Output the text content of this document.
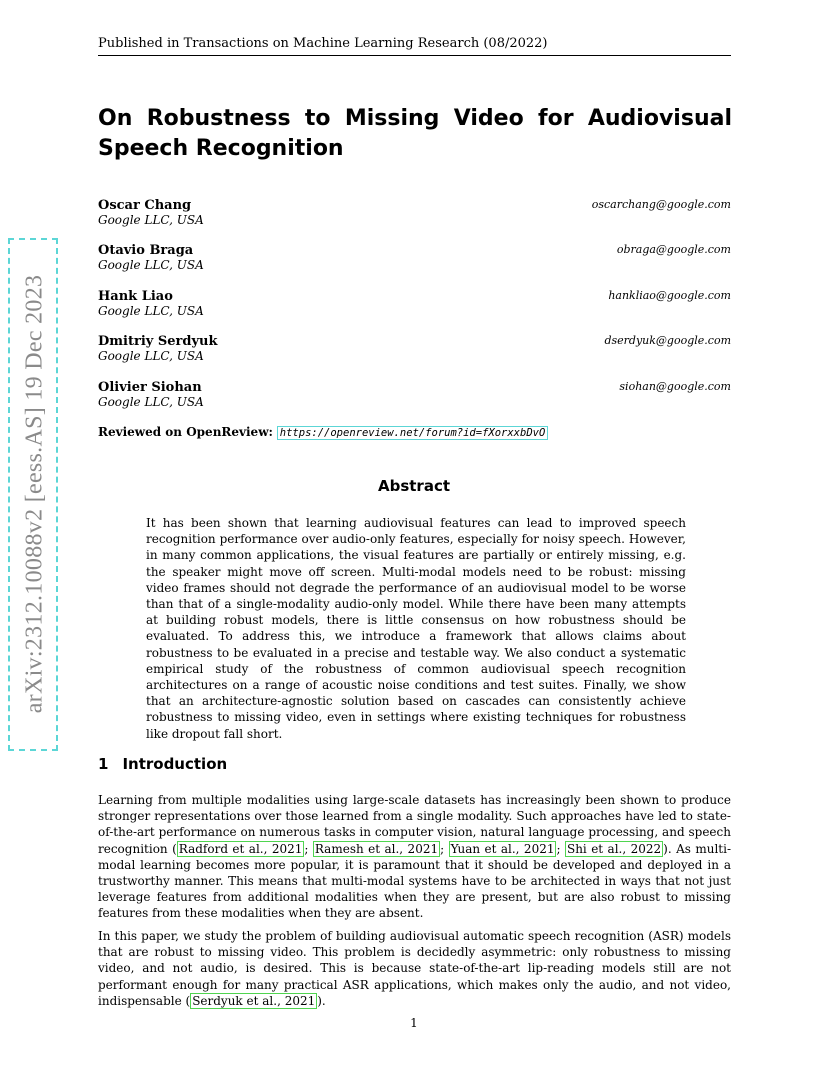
Published in Transactions on Machine Learning Research (08/2022)
arXiv:2312.10088v2 [eess.AS] 19 Dec 2023
On Robustness to Missing Video for Audiovisual Speech Recognition
Oscar Chang
Google LLC, USA
oscarchang@google.com
Otavio Braga
Google LLC, USA
obraga@google.com
Hank Liao
Google LLC, USA
hankliao@google.com
Dmitriy Serdyuk
Google LLC, USA
dserdyuk@google.com
Olivier Siohan
Google LLC, USA
siohan@google.com
Reviewed on OpenReview: https://openreview.net/forum?id=fXorxxbDvO
Abstract
It has been shown that learning audiovisual features can lead to improved speech recognition performance over audio-only features, especially for noisy speech. However, in many common applications, the visual features are partially or entirely missing, e.g. the speaker might move off screen. Multi-modal models need to be robust: missing video frames should not degrade the performance of an audiovisual model to be worse than that of a single-modality audio-only model. While there have been many attempts at building robust models, there is little consensus on how robustness should be evaluated. To address this, we introduce a framework that allows claims about robustness to be evaluated in a precise and testable way. We also conduct a systematic empirical study of the robustness of common audiovisual speech recognition architectures on a range of acoustic noise conditions and test suites. Finally, we show that an architecture-agnostic solution based on cascades can consistently achieve robustness to missing video, even in settings where existing techniques for robustness like dropout fall short.
1 Introduction
Learning from multiple modalities using large-scale datasets has increasingly been shown to produce stronger representations over those learned from a single modality. Such approaches have led to state-of-the-art performance on numerous tasks in computer vision, natural language processing, and speech recognition ( Radford et al., 2021 ; Ramesh et al., 2021 ; Yuan et al., 2021 ; Shi et al., 2022 ). As multi-modal learning becomes more popular, it is paramount that it should be developed and deployed in a trustworthy manner. This means that multi-modal systems have to be architected in ways that not just leverage features from additional modalities when they are present, but are also robust to missing features from these modalities when they are absent.
In this paper, we study the problem of building audiovisual automatic speech recognition (ASR) models that are robust to missing video. This problem is decidedly asymmetric: only robustness to missing video, and not audio, is desired. This is because state-of-the-art lip-reading models still are not performant enough for many practical ASR applications, which makes only the audio, and not video, indispensable ( Serdyuk et al., 2021 ).
1
